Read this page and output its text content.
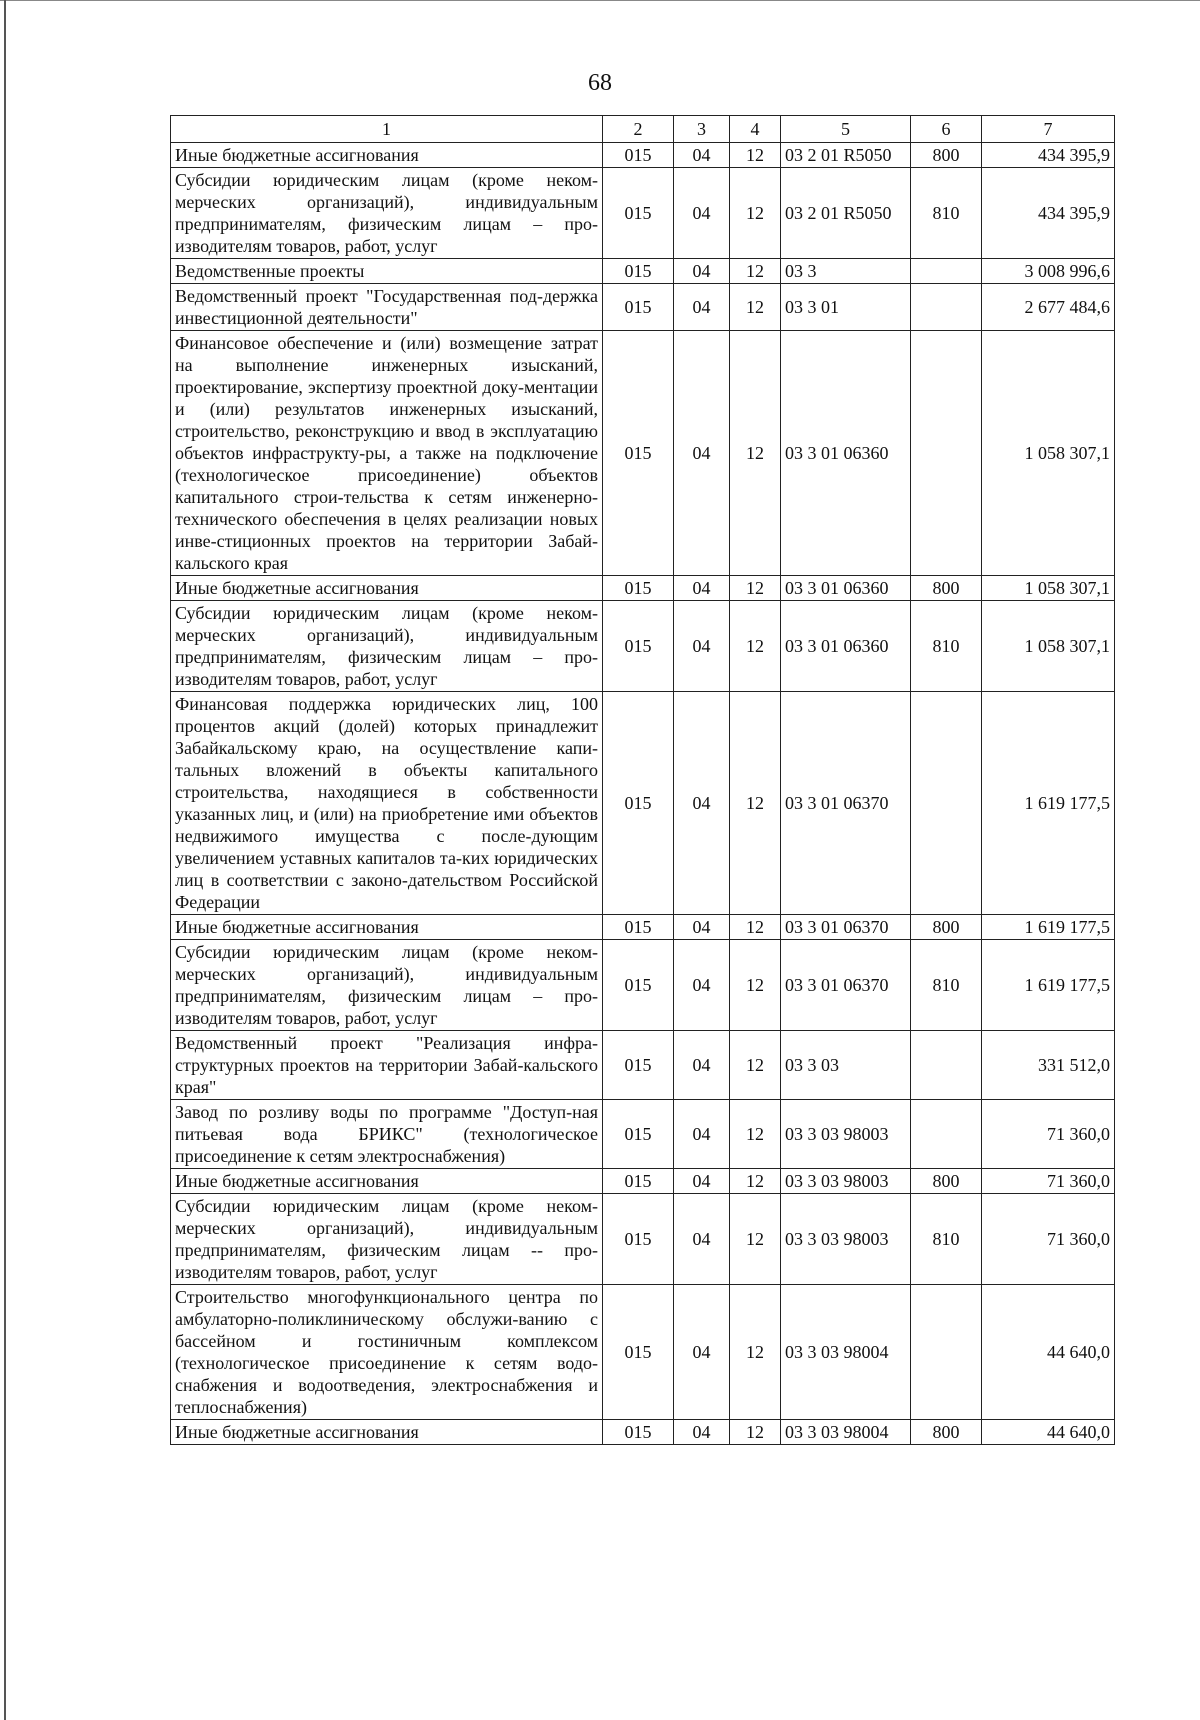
68
1	2	3	4	5	6	7
Иные бюджетные ассигнования	015	04	12	03 2 01 R5050	800	434 395,9
Субсидии юридическим лицам (кроме неком-мерческих организаций), индивидуальным предпринимателям, физическим лицам – про-изводителям товаров, работ, услуг	015	04	12	03 2 01 R5050	810	434 395,9
Ведомственные проекты	015	04	12	03 3		3 008 996,6
Ведомственный проект "Государственная под-держка инвестиционной деятельности"	015	04	12	03 3 01		2 677 484,6
Финансовое обеспечение и (или) возмещение затрат на выполнение инженерных изысканий, проектирование, экспертизу проектной доку-ментации и (или) результатов инженерных изысканий, строительство, реконструкцию и ввод в эксплуатацию объектов инфраструкту-ры, а также на подключение (технологическое присоединение) объектов капитального строи-тельства к сетям инженерно-технического обеспечения в целях реализации новых инве-стиционных проектов на территории Забай-кальского края	015	04	12	03 3 01 06360		1 058 307,1
Иные бюджетные ассигнования	015	04	12	03 3 01 06360	800	1 058 307,1
Субсидии юридическим лицам (кроме неком-мерческих организаций), индивидуальным предпринимателям, физическим лицам – про-изводителям товаров, работ, услуг	015	04	12	03 3 01 06360	810	1 058 307,1
Финансовая поддержка юридических лиц, 100 процентов акций (долей) которых принадлежит Забайкальскому краю, на осуществление капи-тальных вложений в объекты капитального строительства, находящиеся в собственности указанных лиц, и (или) на приобретение ими объектов недвижимого имущества с после-дующим увеличением уставных капиталов та-ких юридических лиц в соответствии с законо-дательством Российской Федерации	015	04	12	03 3 01 06370		1 619 177,5
Иные бюджетные ассигнования	015	04	12	03 3 01 06370	800	1 619 177,5
Субсидии юридическим лицам (кроме неком-мерческих организаций), индивидуальным предпринимателям, физическим лицам – про-изводителям товаров, работ, услуг	015	04	12	03 3 01 06370	810	1 619 177,5
Ведомственный проект "Реализация инфра-структурных проектов на территории Забай-кальского края"	015	04	12	03 3 03		331 512,0
Завод по розливу воды по программе "Доступ-ная питьевая вода БРИКС" (технологическое присоединение к сетям электроснабжения)	015	04	12	03 3 03 98003		71 360,0
Иные бюджетные ассигнования	015	04	12	03 3 03 98003	800	71 360,0
Субсидии юридическим лицам (кроме неком-мерческих организаций), индивидуальным предпринимателям, физическим лицам -- про-изводителям товаров, работ, услуг	015	04	12	03 3 03 98003	810	71 360,0
Строительство многофункционального центра по амбулаторно-поликлиническому обслужи-ванию с бассейном и гостиничным комплексом (технологическое присоединение к сетям водо-снабжения и водоотведения, электроснабжения и теплоснабжения)	015	04	12	03 3 03 98004		44 640,0
Иные бюджетные ассигнования	015	04	12	03 3 03 98004	800	44 640,0
